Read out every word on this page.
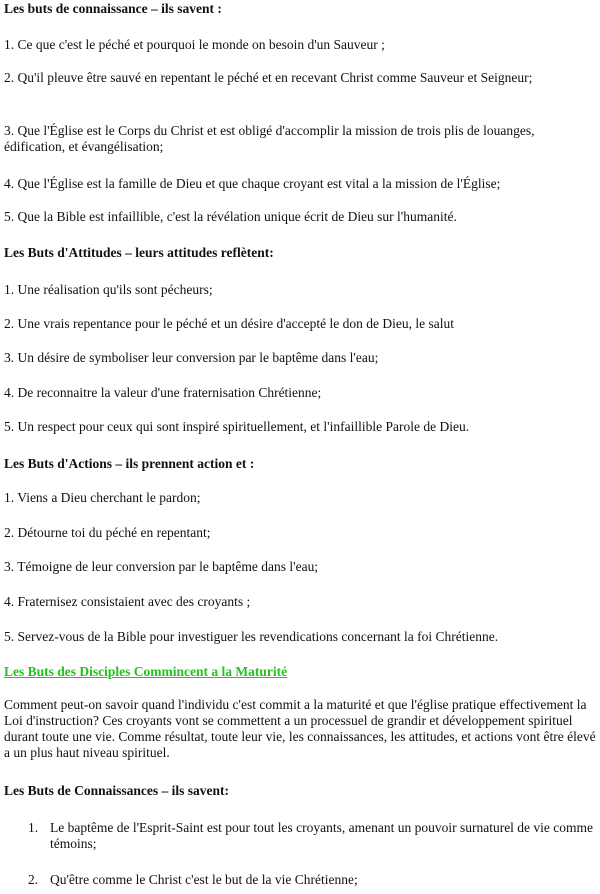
Les buts de connaissance – ils savent :
1. Ce que c'est le péché et pourquoi le monde on besoin d'un Sauveur ;
2. Qu'il pleuve être sauvé en repentant le péché et en recevant Christ comme Sauveur et Seigneur;
3. Que l'Église est le Corps du Christ et est obligé d'accomplir la mission de trois plis de louanges, édification, et évangélisation;
4. Que l'Église est la famille de Dieu et que chaque croyant est vital a la mission de l'Église;
5. Que la Bible est infaillible, c'est la révélation unique écrit de Dieu sur l'humanité.
Les Buts d'Attitudes – leurs attitudes reflètent:
1. Une réalisation qu'ils sont pécheurs;
2. Une vrais repentance pour le péché et un désire d'accepté le don de Dieu, le salut
3. Un désire de symboliser leur conversion par le baptême dans l'eau;
4. De reconnaitre la valeur d'une fraternisation Chrétienne;
5. Un respect pour ceux qui sont inspiré spirituellement, et l'infaillible Parole de Dieu.
Les Buts d'Actions – ils prennent action et :
1. Viens a Dieu cherchant le pardon;
2. Détourne toi du péché en repentant;
3. Témoigne de leur conversion par le baptême dans l'eau;
4. Fraternisez consistaient avec des croyants ;
5. Servez-vous de la Bible pour investiguer les revendications concernant la foi Chrétienne.
Les Buts des Disciples Commincent a la Maturité
Comment peut-on savoir quand l'individu c'est commit a la maturité et que l'église pratique effectivement la Loi d'instruction? Ces croyants vont se commettent a un processuel de grandir et développement spirituel durant toute une vie. Comme résultat, toute leur vie, les connaissances, les attitudes, et actions vont être élevé a un plus haut niveau spirituel.
Les Buts de Connaissances – ils savent:
1. Le baptême de l'Esprit-Saint est pour tout les croyants, amenant un pouvoir surnaturel de vie comme témoins;
2. Qu'être comme le Christ c'est le but de la vie Chrétienne;
